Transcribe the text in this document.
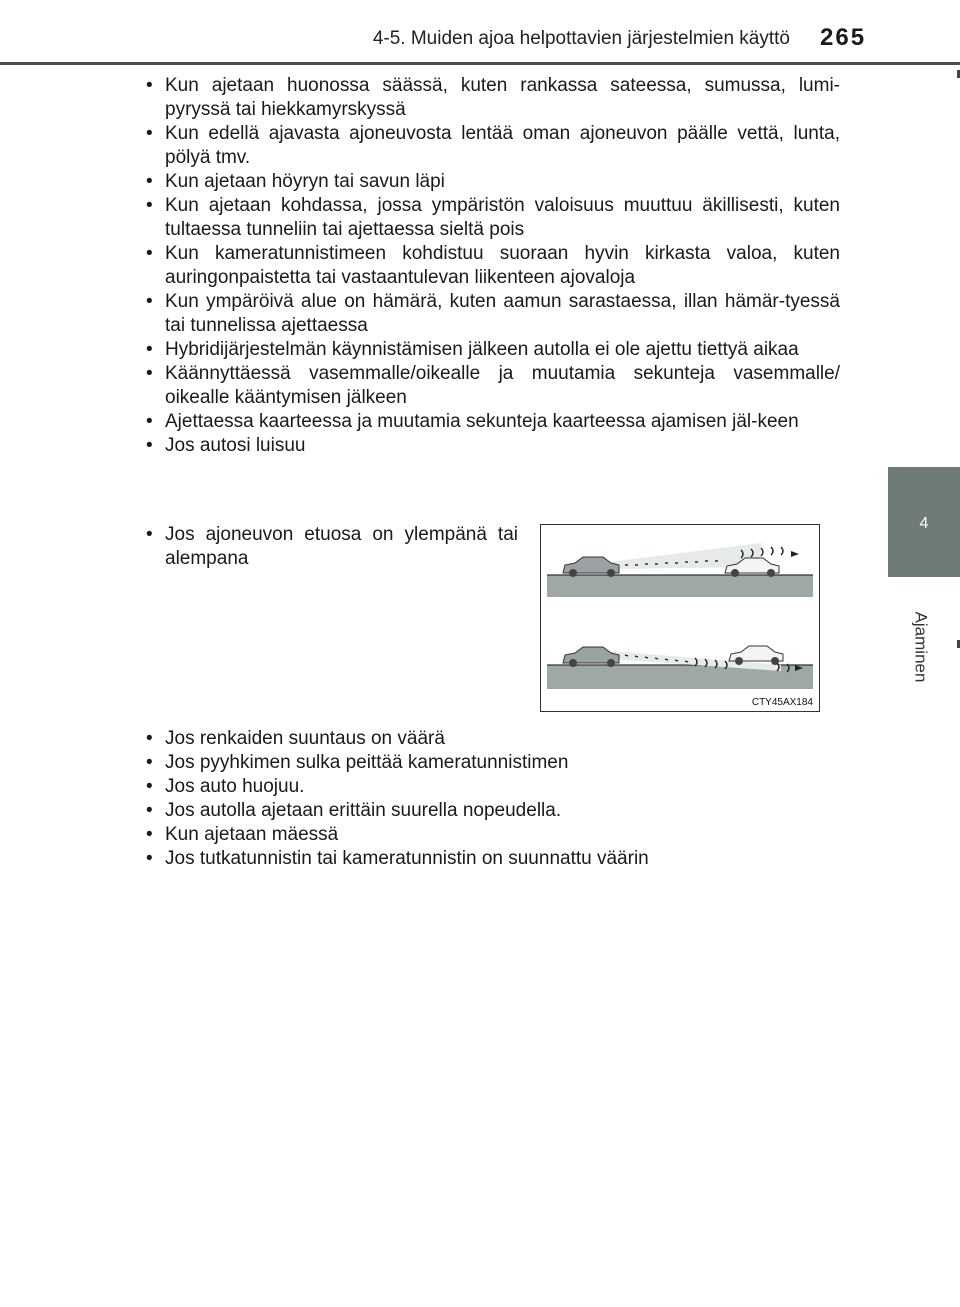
4-5. Muiden ajoa helpottavien järjestelmien käyttö 265
4
Ajaminen
• Kun ajetaan huonossa säässä, kuten rankassa sateessa, sumussa, lumi-pyryssä tai hiekkamyrskyssä
• Kun edellä ajavasta ajoneuvosta lentää oman ajoneuvon päälle vettä, lunta, pölyä tmv.
• Kun ajetaan höyryn tai savun läpi
• Kun ajetaan kohdassa, jossa ympäristön valoisuus muuttuu äkillisesti, kuten tultaessa tunneliin tai ajettaessa sieltä pois
• Kun kameratunnistimeen kohdistuu suoraan hyvin kirkasta valoa, kuten auringonpaistetta tai vastaantulevan liikenteen ajovaloja
• Kun ympäröivä alue on hämärä, kuten aamun sarastaessa, illan hämär-tyessä tai tunnelissa ajettaessa
• Hybridijärjestelmän käynnistämisen jälkeen autolla ei ole ajettu tiettyä aikaa
• Käännyttäessä vasemmalle/oikealle ja muutamia sekunteja vasemmalle/ oikealle kääntymisen jälkeen
• Ajettaessa kaarteessa ja muutamia sekunteja kaarteessa ajamisen jäl-keen
• Jos autosi luisuu
• Jos ajoneuvon etuosa on ylempänä tai alempana
CTY45AX184
• Jos renkaiden suuntaus on väärä
• Jos pyyhkimen sulka peittää kameratunnistimen
• Jos auto huojuu.
• Jos autolla ajetaan erittäin suurella nopeudella.
• Kun ajetaan mäessä
• Jos tutkatunnistin tai kameratunnistin on suunnattu väärin
